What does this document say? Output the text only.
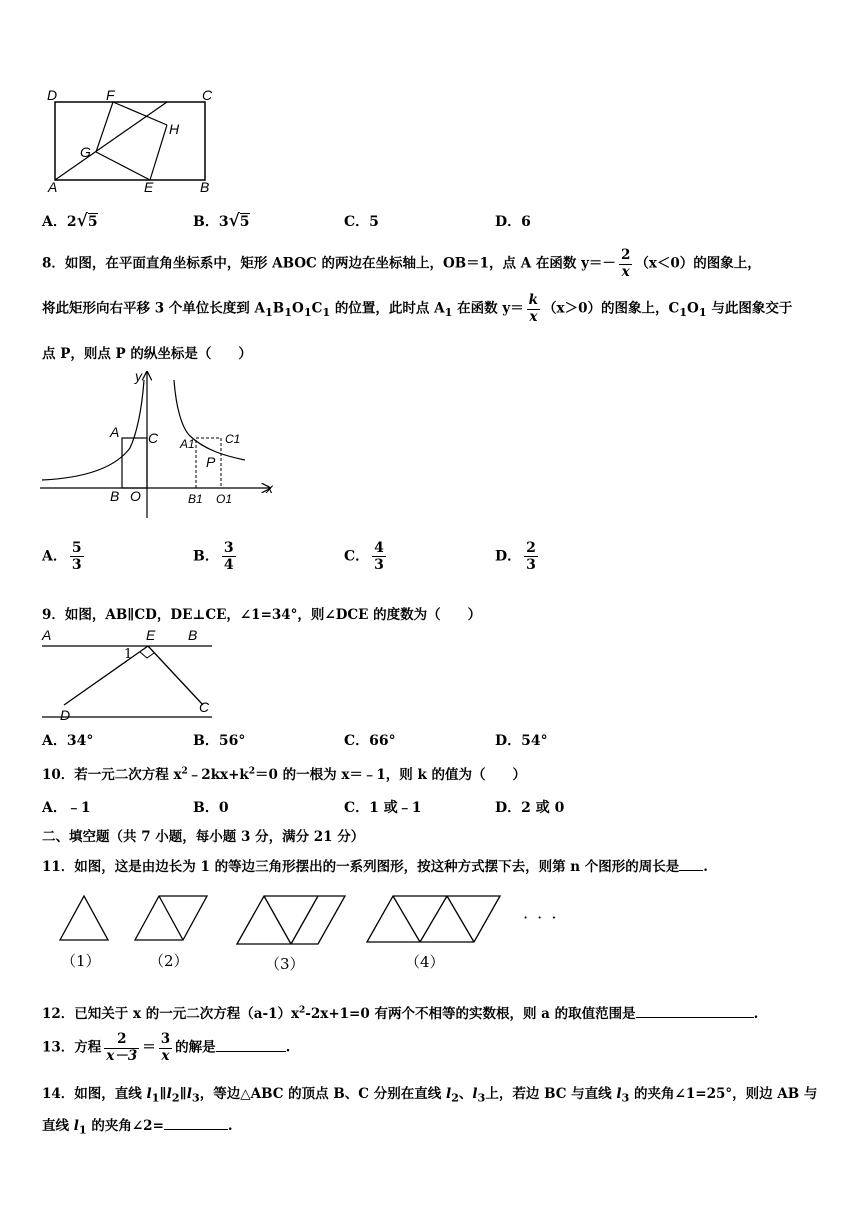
D	F	C
H
G
A	E	B
A．2√5	B．3√5	C．5	D．6
8．如图，在平面直角坐标系中，矩形 ABOC 的两边在坐标轴上，OB＝1，点 A 在函数 $y=- \frac{2}{x} (x<0)$的图象上，
将此矩形向右平移 3 个单位长度到 $A_1B_1O_1C_1$ 的位置，此时点 $A_1$ 在函数 $y= \frac{k}{x} (x>0)$的图象上，$C_1O_1$ 与此图象交于
点 P，则点 P 的纵坐标是（　　）
y
A C A1	C1
P
B O	B1 O1
x
A． $\frac{5}{3}$	B． $\frac{3}{4}$	C． $\frac{4}{3}$	D． $\frac{2}{3}$
9．如图，AB∥CD，DE⊥CE，∠1=34°，则∠DCE 的度数为（　　）
A	E B
1
D	C
A．34°	B．56°	C．66°	D．54°
10．若一元二次方程 $x^2﹣2kx+k^2=0$ 的一根为 x＝﹣1，则 k 的值为（　　）
A．﹣1	B．0	C．1 或﹣1	D．2 或 0
二、填空题（共 7 小题，每小题 3 分，满分 21 分）
11．如图，这是由边长为 1 的等边三角形摆出的一系列图形，按这种方式摆下去，则第 n 个图形的周长是 .
（1）	（2）	（3）	（4）
· · ·
12．已知关于 x 的一元二次方程$(a-1)x^2-2x+1=0$ 有两个不相等的实数根，则 a 的取值范围是	.
13．方程 $\frac{2}{x-3} = \frac{3}{x}$ 的解是	.
14．如图，直线 $l_1\parallel l_2\parallel l_3$，等边△ABC 的顶点 B、C 分别在直线 $l_2$、$l_3$上，若边 BC 与直线 $l_3$ 的夹角∠1=25°，则边 AB 与
直线 $l_1$ 的夹角∠2=	.
